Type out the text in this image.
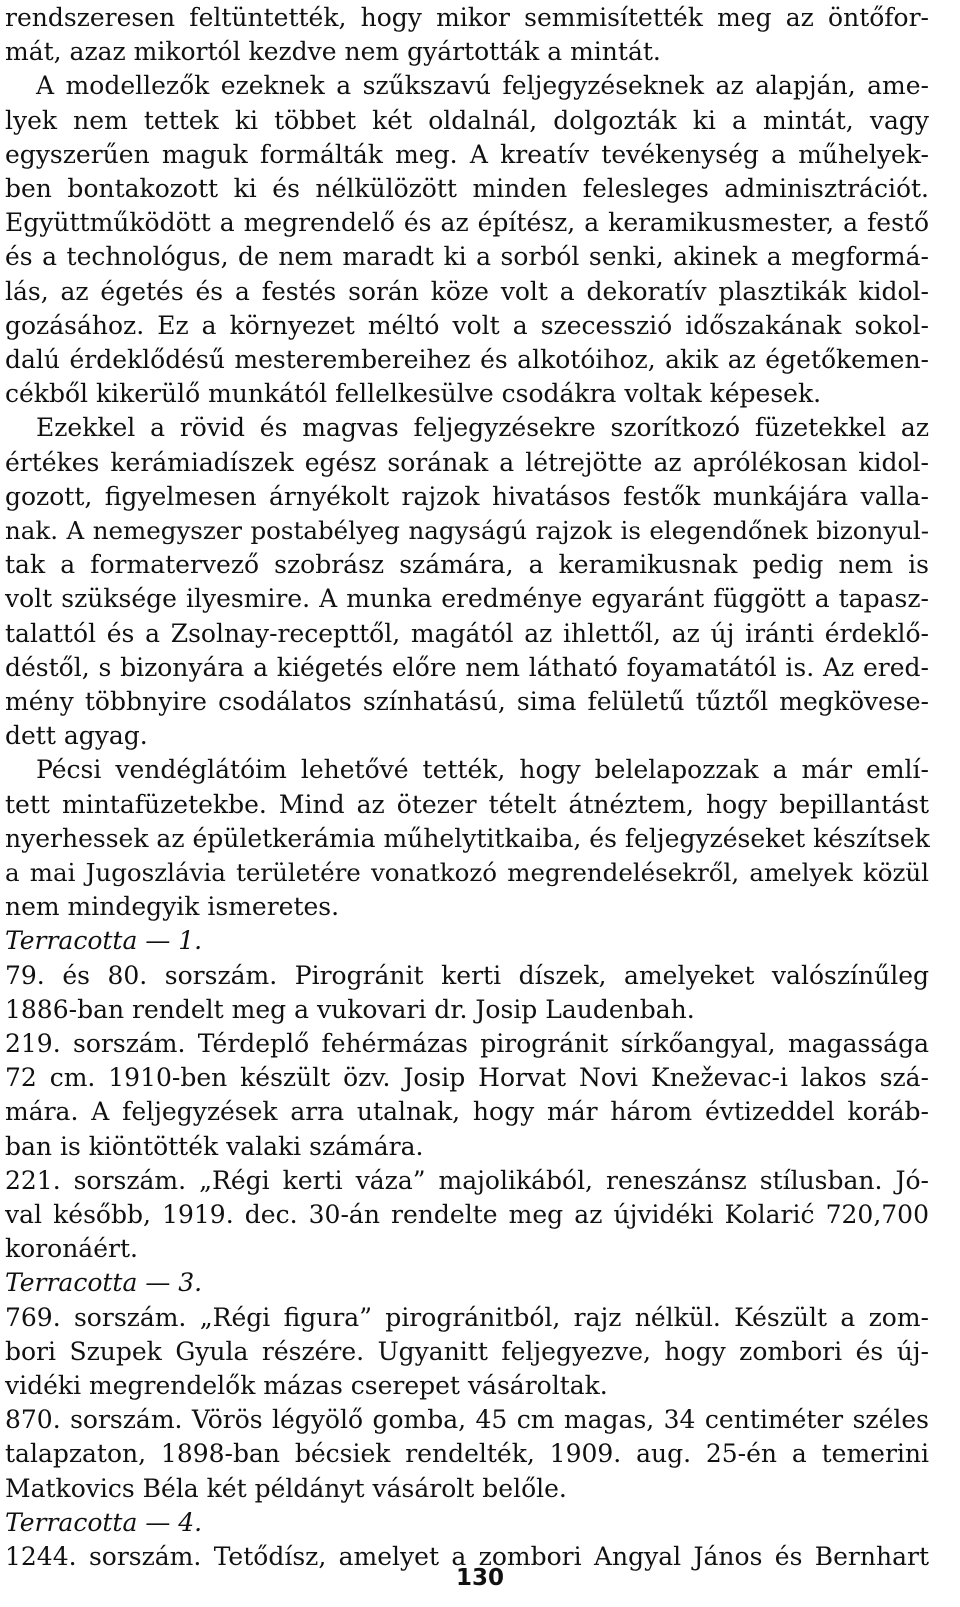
rendszeresen feltüntették, hogy mikor semmisítették meg az öntőfor-
mát, azaz mikortól kezdve nem gyártották a mintát.
A modellezők ezeknek a szűkszavú feljegyzéseknek az alapján, ame-
lyek nem tettek ki többet két oldalnál, dolgozták ki a mintát, vagy
egyszerűen maguk formálták meg. A kreatív tevékenység a műhelyek-
ben bontakozott ki és nélkülözött minden felesleges adminisztrációt.
Együttműködött a megrendelő és az építész, a keramikusmester, a festő
és a technológus, de nem maradt ki a sorból senki, akinek a megformá-
lás, az égetés és a festés során köze volt a dekoratív plasztikák kidol-
gozásához. Ez a környezet méltó volt a szecesszió időszakának sokol-
dalú érdeklődésű mesterembereihez és alkotóihoz, akik az égetőkemen-
cékből kikerülő munkától fellelkesülve csodákra voltak képesek.
Ezekkel a rövid és magvas feljegyzésekre szorítkozó füzetekkel az
értékes kerámiadíszek egész sorának a létrejötte az aprólékosan kidol-
gozott, figyelmesen árnyékolt rajzok hivatásos festők munkájára valla-
nak. A nemegyszer postabélyeg nagyságú rajzok is elegendőnek bizonyul-
tak a formatervező szobrász számára, a keramikusnak pedig nem is
volt szüksége ilyesmire. A munka eredménye egyaránt függött a tapasz-
talattól és a Zsolnay-recepttől, magától az ihlettől, az új iránti érdeklő-
déstől, s bizonyára a kiégetés előre nem látható foyamatától is. Az ered-
mény többnyire csodálatos színhatású, sima felületű tűztől megkövese-
dett agyag.
Pécsi vendéglátóim lehetővé tették, hogy belelapozzak a már emlí-
tett mintafüzetekbe. Mind az ötezer tételt átnéztem, hogy bepillantást
nyerhessek az épületkerámia műhelytitkaiba, és feljegyzéseket készítsek
a mai Jugoszlávia területére vonatkozó megrendelésekről, amelyek közül
nem mindegyik ismeretes.
Terracotta — 1.
79. és 80. sorszám. Pirogránit kerti díszek, amelyeket valószínűleg
1886-ban rendelt meg a vukovari dr. Josip Laudenbah.
219. sorszám. Térdeplő fehérmázas pirogránit sírkőangyal, magassága
72 cm. 1910-ben készült özv. Josip Horvat Novi Kneževac-i lakos szá-
mára. A feljegyzések arra utalnak, hogy már három évtizeddel koráb-
ban is kiöntötték valaki számára.
221. sorszám. „Régi kerti váza” majolikából, reneszánsz stílusban. Jó-
val később, 1919. dec. 30-án rendelte meg az újvidéki Kolarić 720,700
koronáért.
Terracotta — 3.
769. sorszám. „Régi figura” pirogránitból, rajz nélkül. Készült a zom-
bori Szupek Gyula részére. Ugyanitt feljegyezve, hogy zombori és új-
vidéki megrendelők mázas cserepet vásároltak.
870. sorszám. Vörös légyölő gomba, 45 cm magas, 34 centiméter széles
talapzaton, 1898-ban bécsiek rendelték, 1909. aug. 25-én a temerini
Matkovics Béla két példányt vásárolt belőle.
Terracotta — 4.
1244. sorszám. Tetődísz, amelyet a zombori Angyal János és Bernhart
130
